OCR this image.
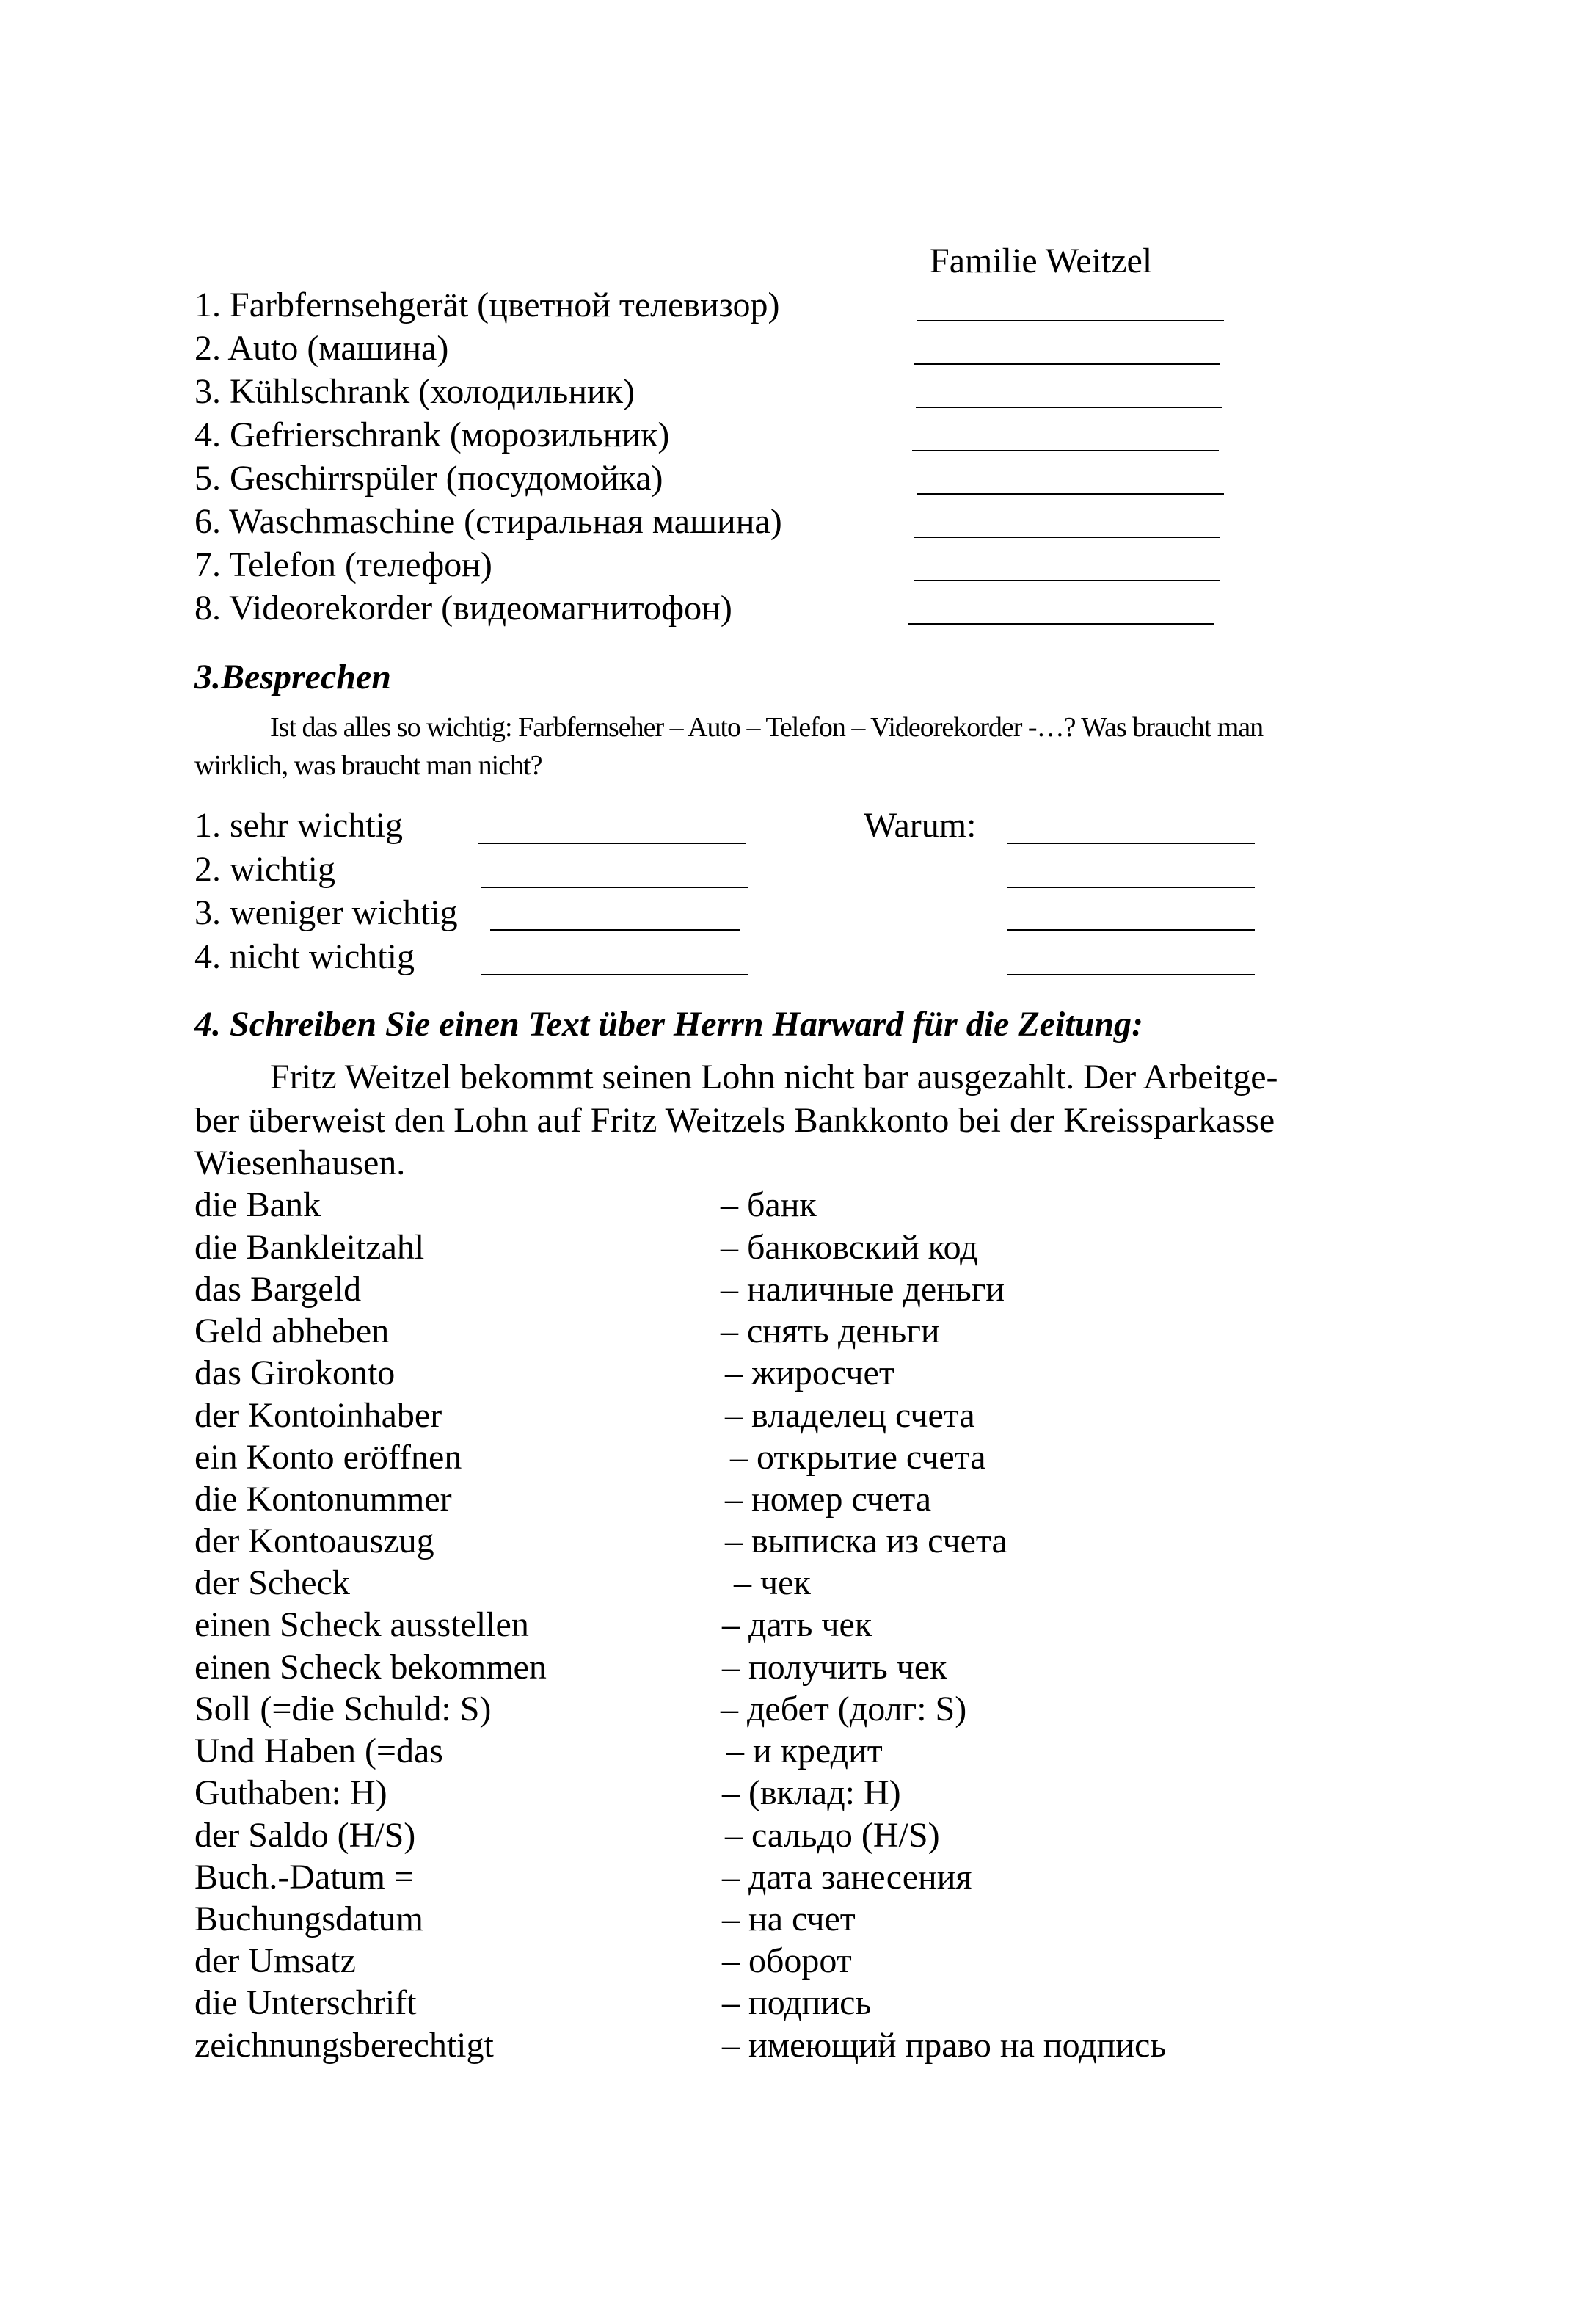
Familie Weitzel
1. Farbfernsehgerät (цветной телевизор)
2. Auto (машина)
3. Kühlschrank (холодильник)
4. Gefrierschrank (морозильник)
5. Geschirrspüler (посудомойка)
6. Waschmaschine (стиральная машина)
7. Telefon (телефон)
8. Videorekorder (видеомагнитофон)
3.Besprechen
Ist das alles so wichtig: Farbfernseher – Auto – Telefon – Videorekorder -…? Was braucht man
wirklich, was braucht man nicht?
1. sehr wichtig
2. wichtig
3. weniger wichtig
4. nicht wichtig
Warum:
4. Schreiben Sie einen Text über Herrn Harward für die Zeitung:
Fritz Weitzel bekommt seinen Lohn nicht bar ausgezahlt. Der Arbeitge-
ber überweist den Lohn auf Fritz Weitzels Bankkonto bei der Kreissparkasse
Wiesenhausen.
die Bank	– банк
die Bankleitzahl	– банковский код
das Bargeld	– наличные деньги
Geld abheben	– снять деньги
das Girokonto	– жиросчет
der Kontoinhaber	– владелец счета
ein Konto eröffnen	– открытие счета
die Kontonummer	– номер счета
der Kontoauszug	– выписка из счета
der Scheck	– чек
einen Scheck ausstellen	– дать чек
einen Scheck bekommen	– получить чек
Soll (=die Schuld: S)	– дебет (долг: S)
Und Haben (=das	– и кредит
Guthaben: H)	– (вклад: H)
der Saldo (H/S)	– сальдо (H/S)
Buch.-Datum =	– дата занесения
Buchungsdatum	– на счет
der Umsatz	– оборот
die Unterschrift	– подпись
zeichnungsberechtigt	– имеющий право на подпись
